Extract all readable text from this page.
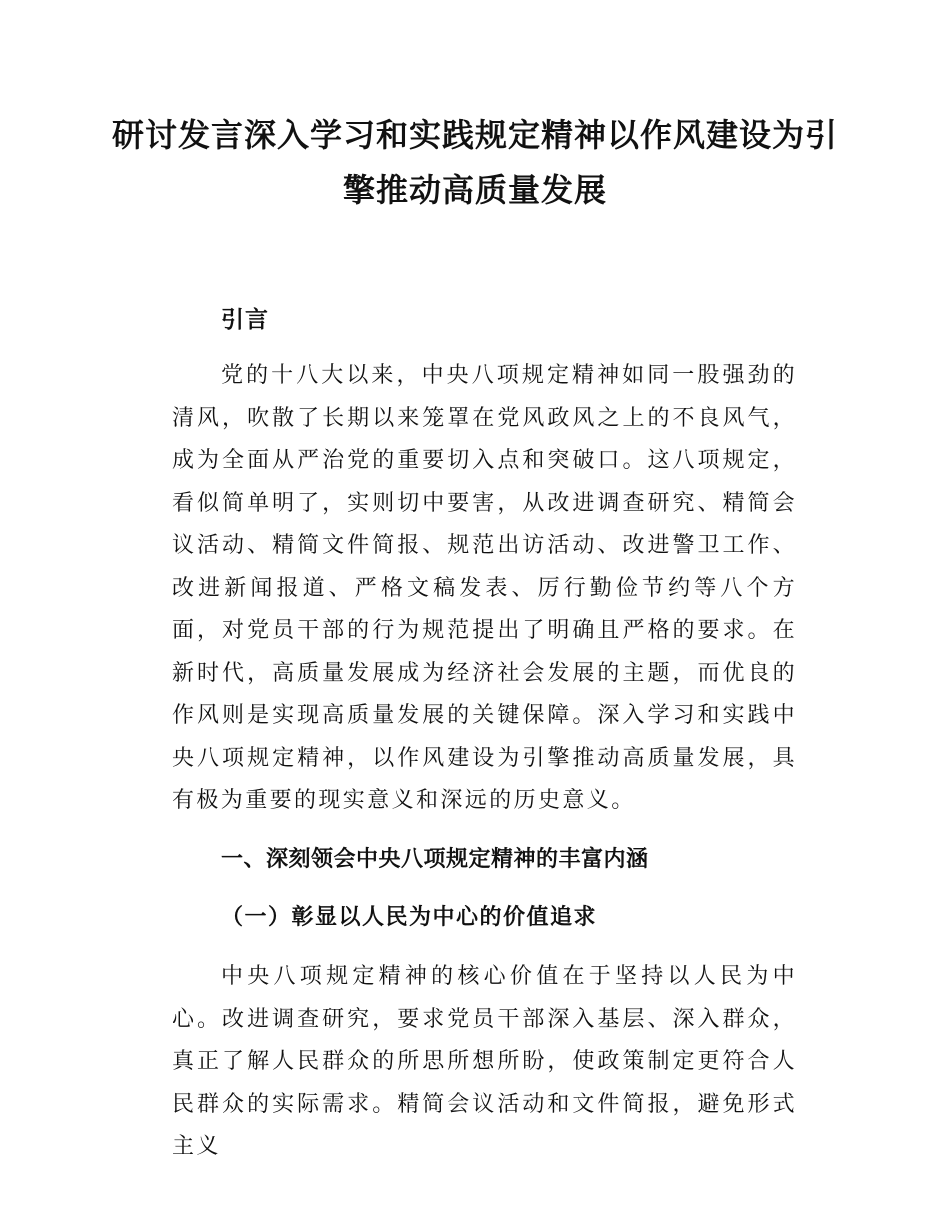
研讨发言深入学习和实践规定精神以作风建设为引擎推动高质量发展
引言

党的十八大以来，中央八项规定精神如同一股强劲的清风，吹散了长期以来笼罩在党风政风之上的不良风气，成为全面从严治党的重要切入点和突破口。这八项规定，看似简单明了，实则切中要害，从改进调查研究、精简会议活动、精简文件简报、规范出访活动、改进警卫工作、改进新闻报道、严格文稿发表、厉行勤俭节约等八个方面，对党员干部的行为规范提出了明确且严格的要求。在新时代，高质量发展成为经济社会发展的主题，而优良的作风则是实现高质量发展的关键保障。深入学习和实践中央八项规定精神，以作风建设为引擎推动高质量发展，具有极为重要的现实意义和深远的历史意义。

一、深刻领会中央八项规定精神的丰富内涵
（一）彰显以人民为中心的价值追求

中央八项规定精神的核心价值在于坚持以人民为中心。改进调查研究，要求党员干部深入基层、深入群众，真正了解人民群众的所思所想所盼，使政策制定更符合人民群众的实际需求。精简会议活动和文件简报，避免形式主义
